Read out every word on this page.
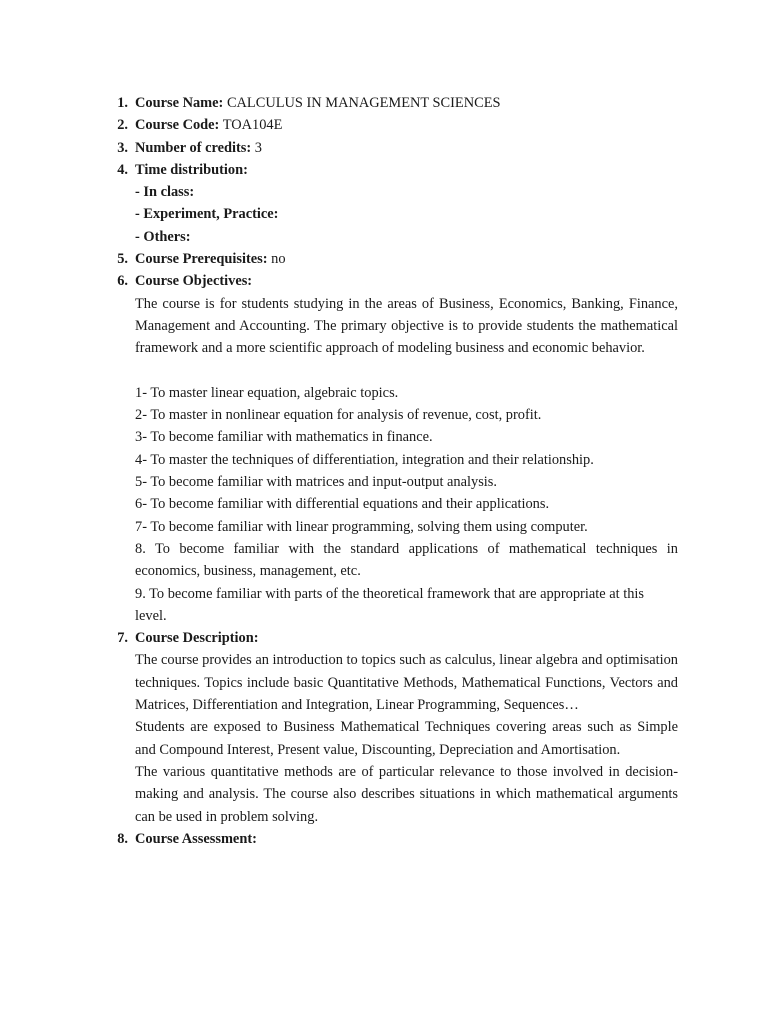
1. Course Name: CALCULUS IN MANAGEMENT SCIENCES
2. Course Code: TOA104E
3. Number of credits: 3
4. Time distribution:
- In class:
- Experiment, Practice:
- Others:
5. Course Prerequisites: no
6. Course Objectives:
The course is for students studying in the areas of Business, Economics, Banking, Finance, Management and Accounting. The primary objective is to provide students the mathematical framework and a more scientific approach of modeling business and economic behavior.
1- To master linear equation, algebraic topics.
2- To master in nonlinear equation for analysis of revenue, cost, profit.
3- To become familiar with mathematics in finance.
4- To master the techniques of differentiation, integration and their relationship.
5- To become familiar with matrices and input-output analysis.
6- To become familiar with differential equations and their applications.
7- To become familiar with linear programming, solving them using computer.
8. To become familiar with the standard applications of mathematical techniques in economics, business, management, etc.
9. To become familiar with parts of the theoretical framework that are appropriate at this level.
7. Course Description:
The course provides an introduction to topics such as calculus, linear algebra and optimisation techniques. Topics include basic Quantitative Methods, Mathematical Functions, Vectors and Matrices, Differentiation and Integration, Linear Programming, Sequences…
Students are exposed to Business Mathematical Techniques covering areas such as Simple and Compound Interest, Present value, Discounting, Depreciation and Amortisation.
The various quantitative methods are of particular relevance to those involved in decision-making and analysis. The course also describes situations in which mathematical arguments can be used in problem solving.
8. Course Assessment:
